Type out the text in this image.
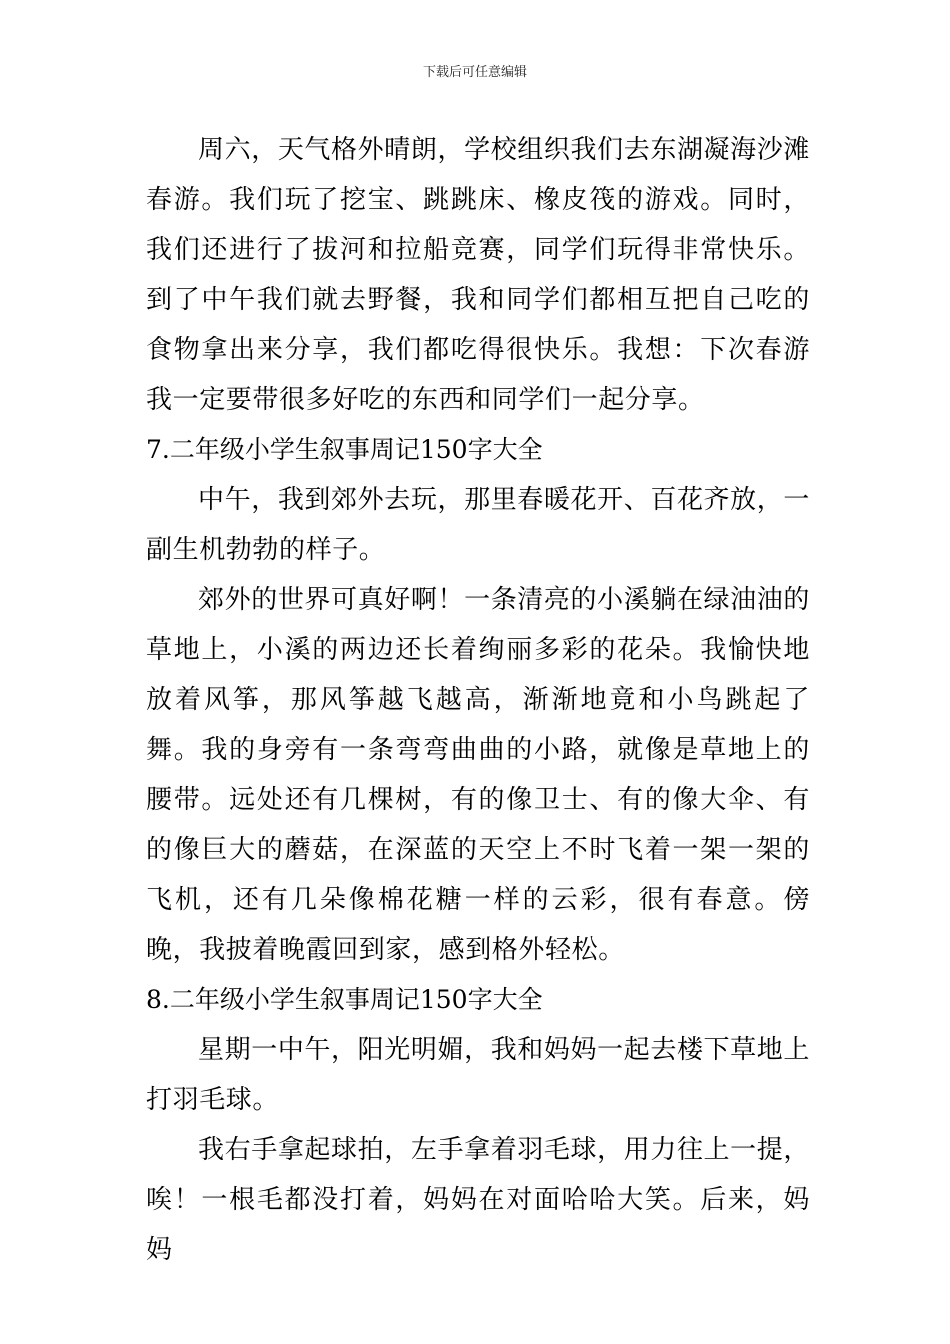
下载后可任意编辑

周六，天气格外晴朗，学校组织我们去东湖凝海沙滩春游。我们玩了挖宝、跳跳床、橡皮筏的游戏。同时，我们还进行了拔河和拉船竞赛，同学们玩得非常快乐。到了中午我们就去野餐，我和同学们都相互把自己吃的食物拿出来分享，我们都吃得很快乐。我想：下次春游我一定要带很多好吃的东西和同学们一起分享。

7.二年级小学生叙事周记150字大全

中午，我到郊外去玩，那里春暖花开、百花齐放，一副生机勃勃的样子。

郊外的世界可真好啊！一条清亮的小溪躺在绿油油的草地上，小溪的两边还长着绚丽多彩的花朵。我愉快地放着风筝，那风筝越飞越高，渐渐地竟和小鸟跳起了舞。我的身旁有一条弯弯曲曲的小路，就像是草地上的腰带。远处还有几棵树，有的像卫士、有的像大伞、有的像巨大的蘑菇，在深蓝的天空上不时飞着一架一架的飞机，还有几朵像棉花糖一样的云彩，很有春意。傍晚，我披着晚霞回到家，感到格外轻松。

8.二年级小学生叙事周记150字大全

星期一中午，阳光明媚，我和妈妈一起去楼下草地上打羽毛球。

我右手拿起球拍，左手拿着羽毛球，用力往上一提，唉！一根毛都没打着，妈妈在对面哈哈大笑。后来，妈妈
